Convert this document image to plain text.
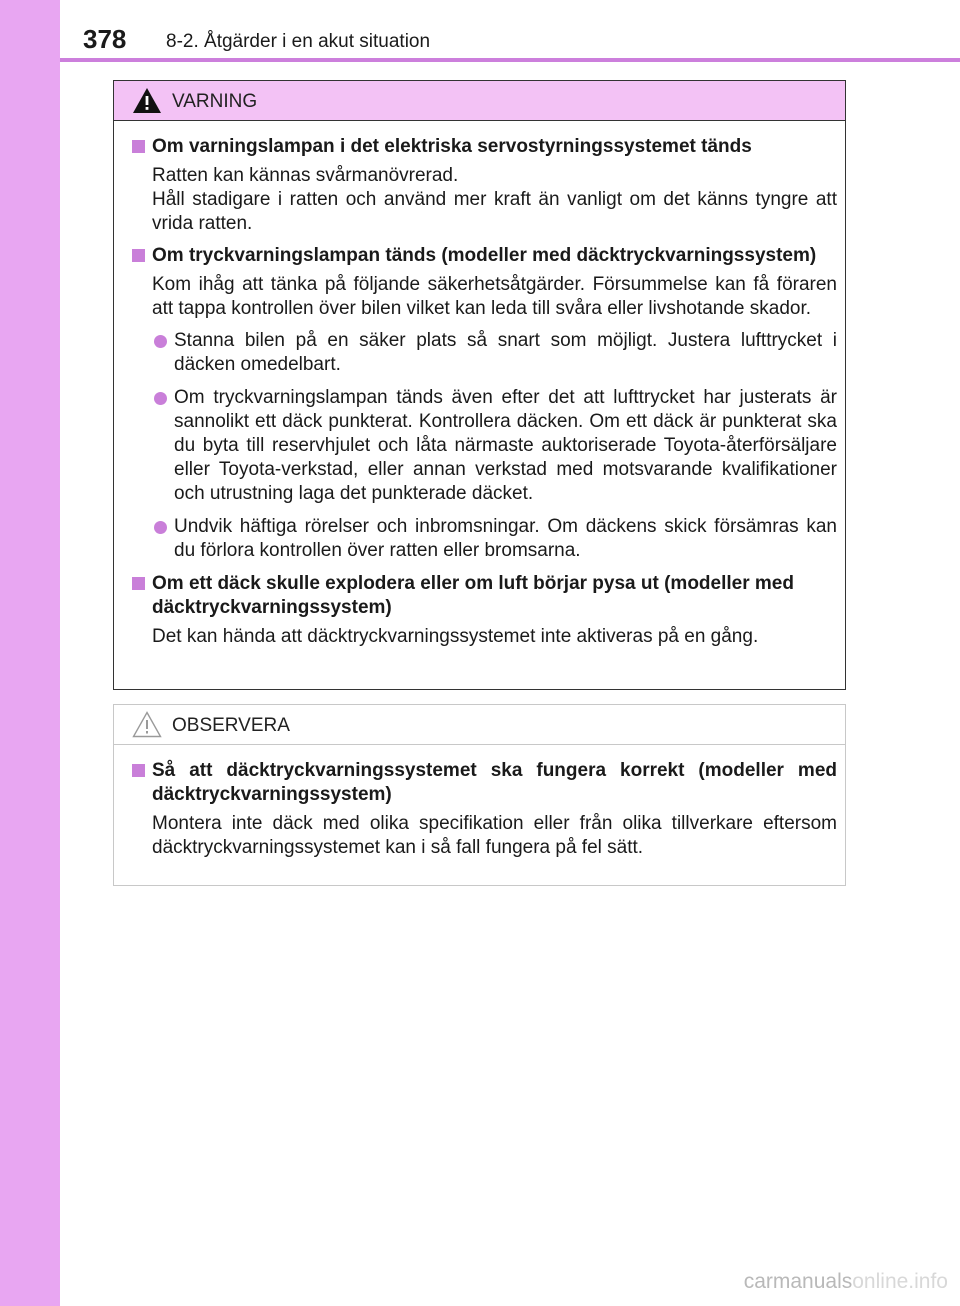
378 8-2. Åtgärder i en akut situation
VARNING
Om varningslampan i det elektriska servostyrningssystemet tänds
Ratten kan kännas svårmanövrerad.
Håll stadigare i ratten och använd mer kraft än vanligt om det känns tyngre att vrida ratten.
Om tryckvarningslampan tänds (modeller med däcktryckvarningssystem)
Kom ihåg att tänka på följande säkerhetsåtgärder. Försummelse kan få föraren att tappa kontrollen över bilen vilket kan leda till svåra eller livshotande skador.
Stanna bilen på en säker plats så snart som möjligt. Justera lufttrycket i däcken omedelbart.
Om tryckvarningslampan tänds även efter det att lufttrycket har justerats är sannolikt ett däck punkterat. Kontrollera däcken. Om ett däck är punkterat ska du byta till reservhjulet och låta närmaste auktoriserade Toyota-återförsäljare eller Toyota-verkstad, eller annan verkstad med motsvarande kvalifikationer och utrustning laga det punkterade däcket.
Undvik häftiga rörelser och inbromsningar. Om däckens skick försämras kan du förlora kontrollen över ratten eller bromsarna.
Om ett däck skulle explodera eller om luft börjar pysa ut (modeller med däcktryckvarningssystem)
Det kan hända att däcktryckvarningssystemet inte aktiveras på en gång.
OBSERVERA
Så att däcktryckvarningssystemet ska fungera korrekt (modeller med däcktryckvarningssystem)
Montera inte däck med olika specifikation eller från olika tillverkare eftersom däcktryckvarningssystemet kan i så fall fungera på fel sätt.
carmanualsonline.info
